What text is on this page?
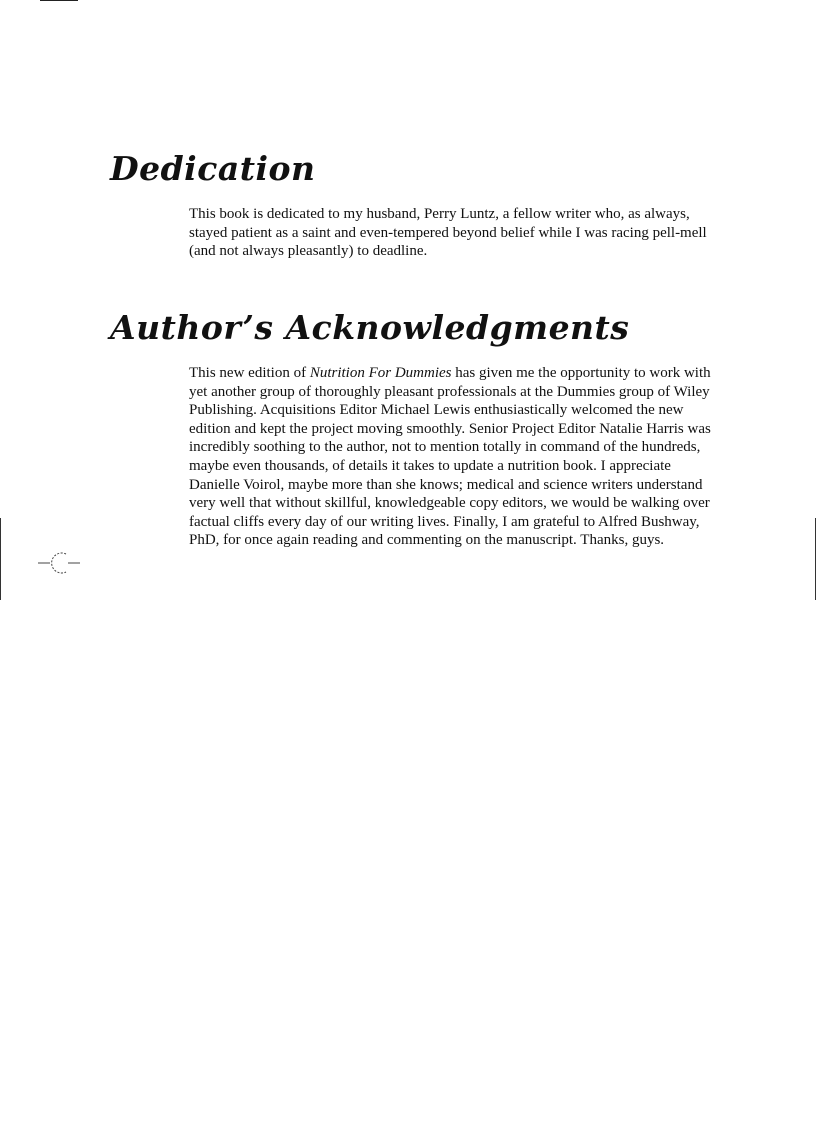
Dedication

This book is dedicated to my husband, Perry Luntz, a fellow writer who, as always, stayed patient as a saint and even-tempered beyond belief while I was racing pell-mell (and not always pleasantly) to deadline.

Author’s Acknowledgments

This new edition of Nutrition For Dummies has given me the opportunity to work with yet another group of thoroughly pleasant professionals at the Dummies group of Wiley Publishing. Acquisitions Editor Michael Lewis enthusiastically welcomed the new edition and kept the project moving smoothly. Senior Project Editor Natalie Harris was incredibly soothing to the author, not to mention totally in command of the hundreds, maybe even thousands, of details it takes to update a nutrition book. I appreciate Danielle Voirol, maybe more than she knows; medical and science writers understand very well that without skillful, knowledgeable copy editors, we would be walking over factual cliffs every day of our writing lives. Finally, I am grateful to Alfred Bushway, PhD, for once again reading and commenting on the manuscript. Thanks, guys.
